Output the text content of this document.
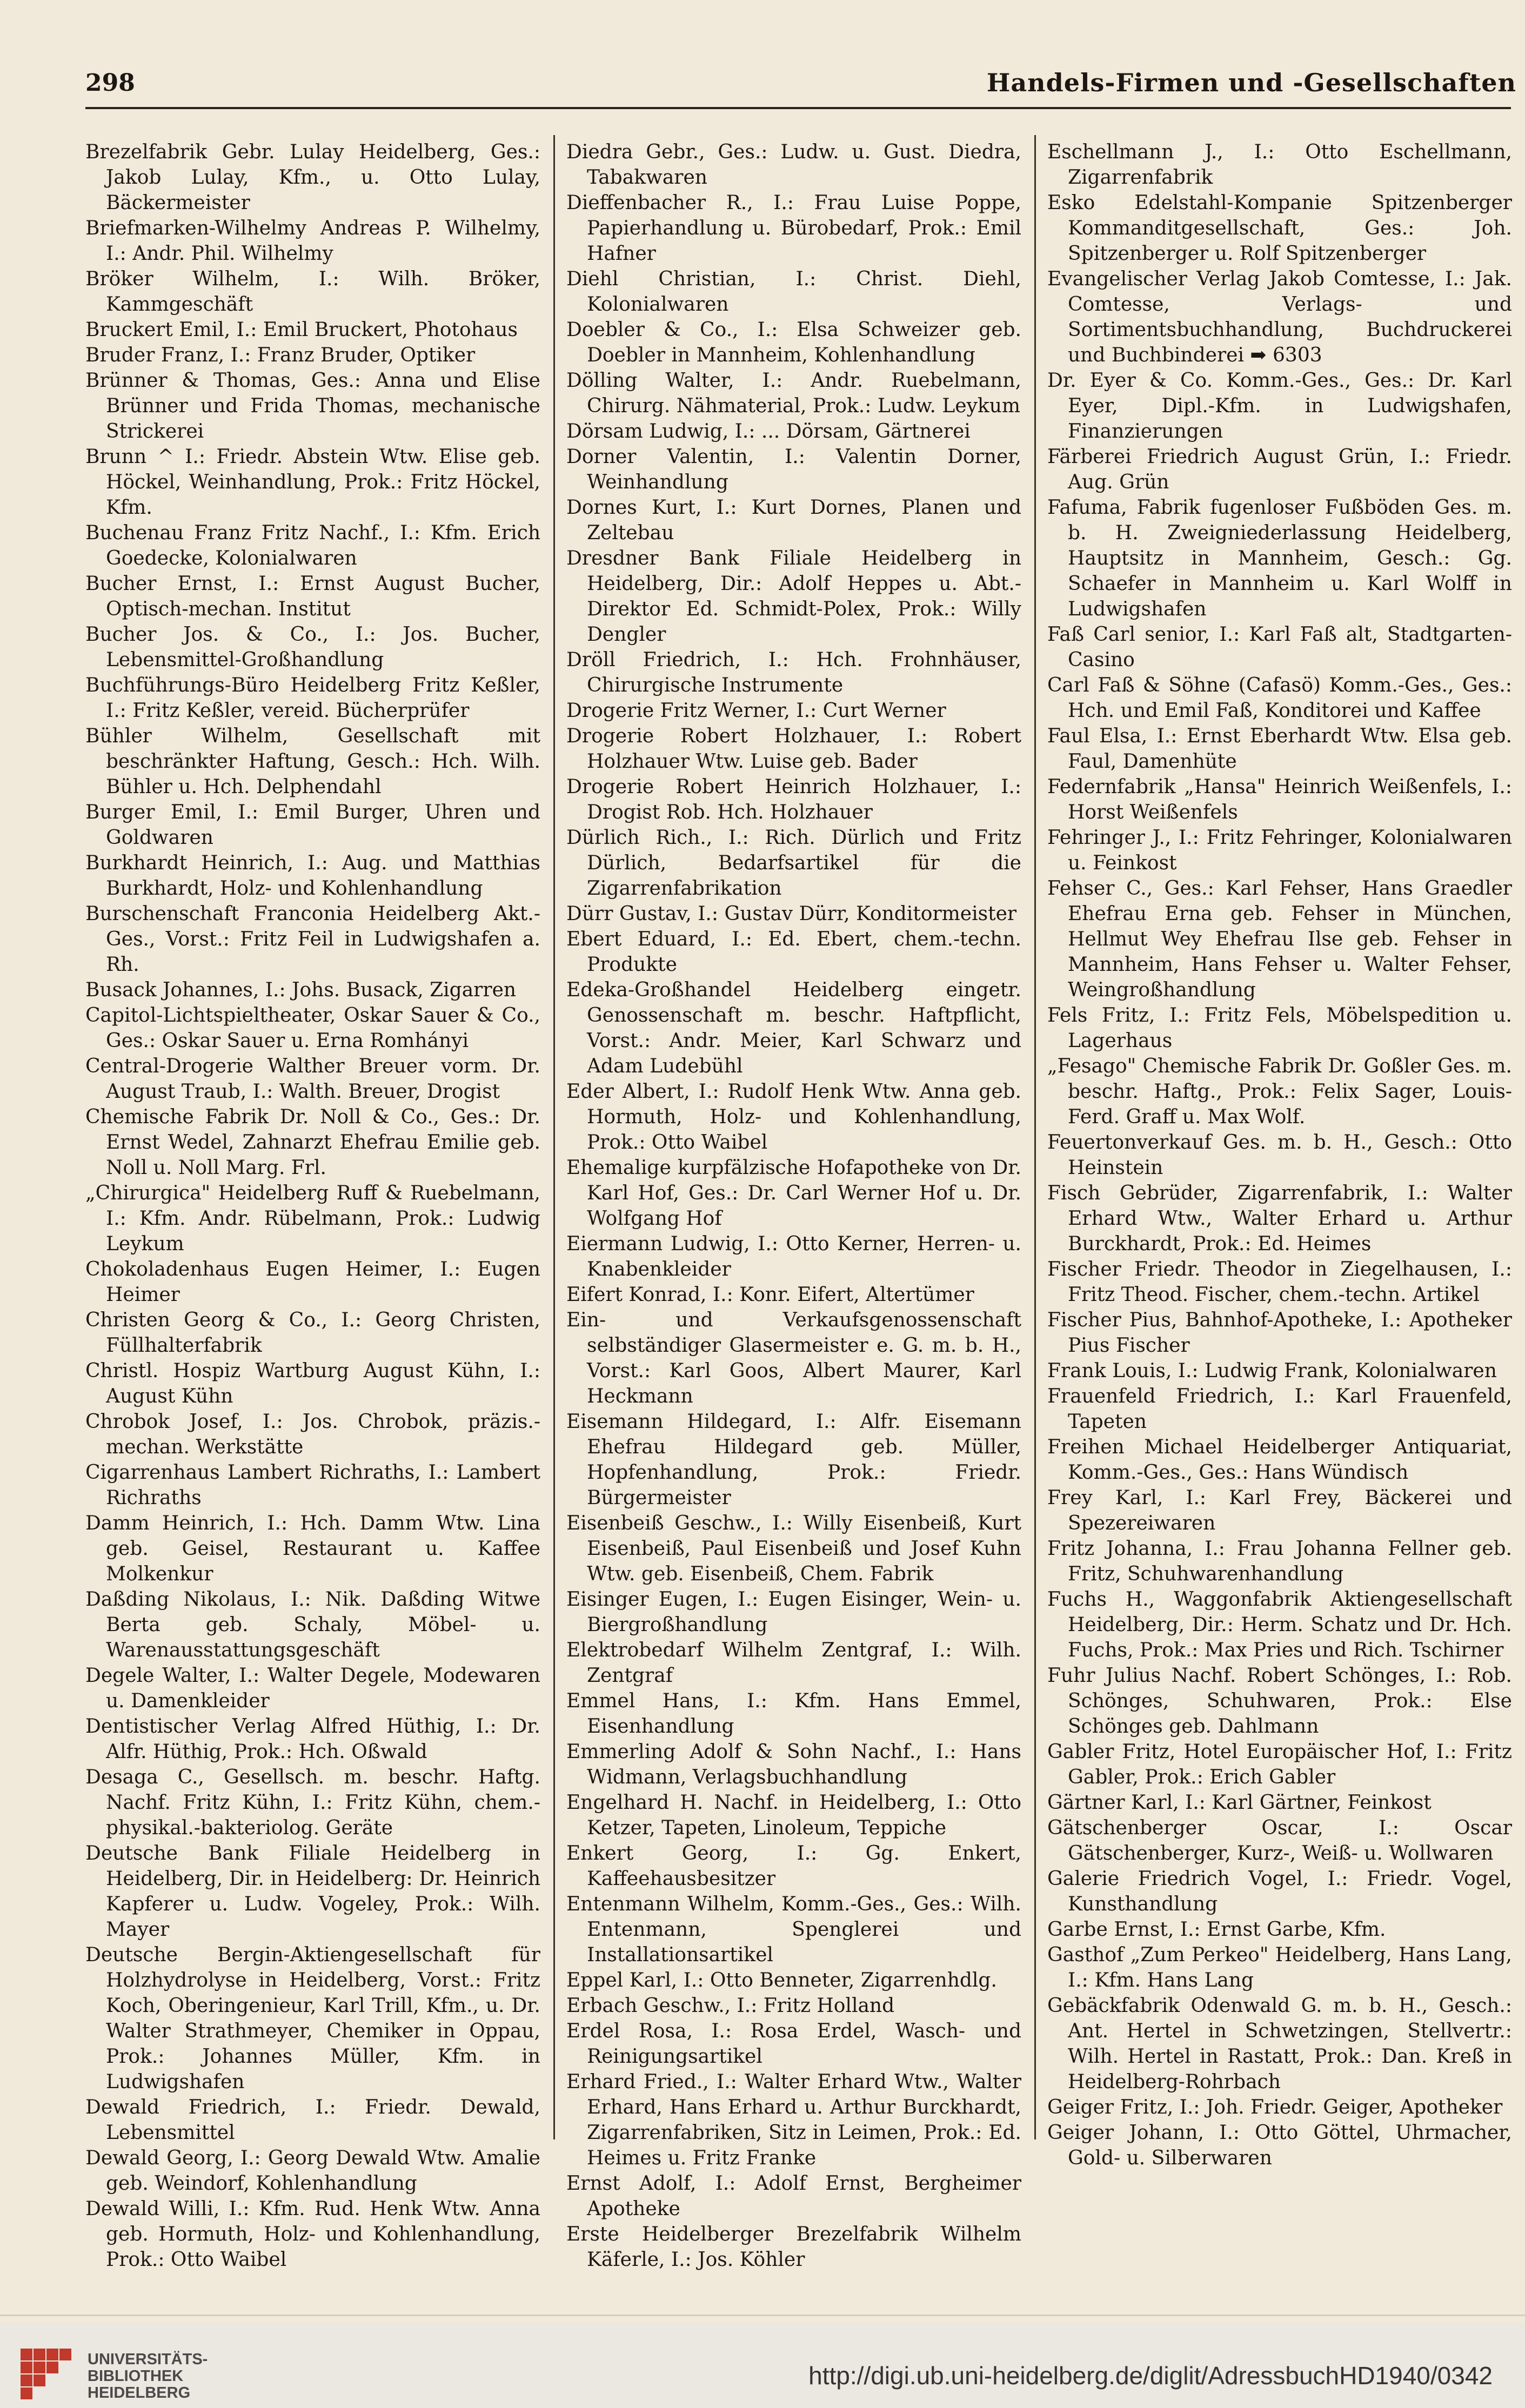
298	Handels-Firmen und -Gesellschaften

Brezelfabrik Gebr. Lulay Heidelberg, Ges.: Jakob Lulay, Kfm., u. Otto Lulay, Bäckermeister

Briefmarken-Wilhelmy Andreas P. Wilhelmy, I.: Andr. Phil. Wilhelmy

Bröker Wilhelm, I.: Wilh. Bröker, Kammgeschäft

Bruckert Emil, I.: Emil Bruckert, Photohaus

Bruder Franz, I.: Franz Bruder, Optiker

Brünner & Thomas, Ges.: Anna und Elise Brünner und Frida Thomas, mechanische Strickerei

Brunn ^ I.: Friedr. Abstein Wtw. Elise geb. Höckel, Weinhandlung, Prok.: Fritz Höckel, Kfm.

Buchenau Franz Fritz Nachf., I.: Kfm. Erich Goedecke, Kolonialwaren

Bucher Ernst, I.: Ernst August Bucher, Optisch-mechan. Institut

Bucher Jos. & Co., I.: Jos. Bucher, Lebensmittel-Großhandlung

Buchführungs-Büro Heidelberg Fritz Keßler, I.: Fritz Keßler, vereid. Bücherprüfer

Bühler Wilhelm, Gesellschaft mit beschränkter Haftung, Gesch.: Hch. Wilh. Bühler u. Hch. Delphendahl

Burger Emil, I.: Emil Burger, Uhren und Goldwaren

Burkhardt Heinrich, I.: Aug. und Matthias Burkhardt, Holz- und Kohlenhandlung

Burschenschaft Franconia Heidelberg Akt.-Ges., Vorst.: Fritz Feil in Ludwigshafen a. Rh.

Busack Johannes, I.: Johs. Busack, Zigarren

Capitol-Lichtspieltheater, Oskar Sauer & Co., Ges.: Oskar Sauer u. Erna Romhányi

Central-Drogerie Walther Breuer vorm. Dr. August Traub, I.: Walth. Breuer, Drogist

Chemische Fabrik Dr. Noll & Co., Ges.: Dr. Ernst Wedel, Zahnarzt Ehefrau Emilie geb. Noll u. Noll Marg. Frl.

„Chirurgica" Heidelberg Ruff & Ruebelmann, I.: Kfm. Andr. Rübelmann, Prok.: Ludwig Leykum

Chokoladenhaus Eugen Heimer, I.: Eugen Heimer

Christen Georg & Co., I.: Georg Christen, Füllhalterfabrik

Christl. Hospiz Wartburg August Kühn, I.: August Kühn

Chrobok Josef, I.: Jos. Chrobok, präzis.-mechan. Werkstätte

Cigarrenhaus Lambert Richraths, I.: Lambert Richraths

Damm Heinrich, I.: Hch. Damm Wtw. Lina geb. Geisel, Restaurant u. Kaffee Molkenkur

Daßding Nikolaus, I.: Nik. Daßding Witwe Berta geb. Schaly, Möbel- u. Warenausstattungsgeschäft

Degele Walter, I.: Walter Degele, Modewaren u. Damenkleider

Dentistischer Verlag Alfred Hüthig, I.: Dr. Alfr. Hüthig, Prok.: Hch. Oßwald

Desaga C., Gesellsch. m. beschr. Haftg. Nachf. Fritz Kühn, I.: Fritz Kühn, chem.-physikal.-bakteriolog. Geräte

Deutsche Bank Filiale Heidelberg in Heidelberg, Dir. in Heidelberg: Dr. Heinrich Kapferer u. Ludw. Vogeley, Prok.: Wilh. Mayer

Deutsche Bergin-Aktiengesellschaft für Holzhydrolyse in Heidelberg, Vorst.: Fritz Koch, Oberingenieur, Karl Trill, Kfm., u. Dr. Walter Strathmeyer, Chemiker in Oppau, Prok.: Johannes Müller, Kfm. in Ludwigshafen

Dewald Friedrich, I.: Friedr. Dewald, Lebensmittel

Dewald Georg, I.: Georg Dewald Wtw. Amalie geb. Weindorf, Kohlenhandlung

Dewald Willi, I.: Kfm. Rud. Henk Wtw. Anna geb. Hormuth, Holz- und Kohlenhandlung, Prok.: Otto Waibel

Diedra Gebr., Ges.: Ludw. u. Gust. Diedra, Tabakwaren

Dieffenbacher R., I.: Frau Luise Poppe, Papierhandlung u. Bürobedarf, Prok.: Emil Hafner

Diehl Christian, I.: Christ. Diehl, Kolonialwaren

Doebler & Co., I.: Elsa Schweizer geb. Doebler in Mannheim, Kohlenhandlung

Dölling Walter, I.: Andr. Ruebelmann, Chirurg. Nähmaterial, Prok.: Ludw. Leykum

Dörsam Ludwig, I.: ... Dörsam, Gärtnerei

Dorner Valentin, I.: Valentin Dorner, Weinhandlung

Dornes Kurt, I.: Kurt Dornes, Planen und Zeltebau

Dresdner Bank Filiale Heidelberg in Heidelberg, Dir.: Adolf Heppes u. Abt.-Direktor Ed. Schmidt-Polex, Prok.: Willy Dengler

Dröll Friedrich, I.: Hch. Frohnhäuser, Chirurgische Instrumente

Drogerie Fritz Werner, I.: Curt Werner

Drogerie Robert Holzhauer, I.: Robert Holzhauer Wtw. Luise geb. Bader

Drogerie Robert Heinrich Holzhauer, I.: Drogist Rob. Hch. Holzhauer

Dürlich Rich., I.: Rich. Dürlich und Fritz Dürlich, Bedarfsartikel für die Zigarrenfabrikation

Dürr Gustav, I.: Gustav Dürr, Konditormeister

Ebert Eduard, I.: Ed. Ebert, chem.-techn. Produkte

Edeka-Großhandel Heidelberg eingetr. Genossenschaft m. beschr. Haftpflicht, Vorst.: Andr. Meier, Karl Schwarz und Adam Ludebühl

Eder Albert, I.: Rudolf Henk Wtw. Anna geb. Hormuth, Holz- und Kohlenhandlung, Prok.: Otto Waibel

Ehemalige kurpfälzische Hofapotheke von Dr. Karl Hof, Ges.: Dr. Carl Werner Hof u. Dr. Wolfgang Hof

Eiermann Ludwig, I.: Otto Kerner, Herren- u. Knabenkleider

Eifert Konrad, I.: Konr. Eifert, Altertümer

Ein- und Verkaufsgenossenschaft selbständiger Glasermeister e. G. m. b. H., Vorst.: Karl Goos, Albert Maurer, Karl Heckmann

Eisemann Hildegard, I.: Alfr. Eisemann Ehefrau Hildegard geb. Müller, Hopfenhandlung, Prok.: Friedr. Bürgermeister

Eisenbeiß Geschw., I.: Willy Eisenbeiß, Kurt Eisenbeiß, Paul Eisenbeiß und Josef Kuhn Wtw. geb. Eisenbeiß, Chem. Fabrik

Eisinger Eugen, I.: Eugen Eisinger, Wein- u. Biergroßhandlung

Elektrobedarf Wilhelm Zentgraf, I.: Wilh. Zentgraf

Emmel Hans, I.: Kfm. Hans Emmel, Eisenhandlung

Emmerling Adolf & Sohn Nachf., I.: Hans Widmann, Verlagsbuchhandlung

Engelhard H. Nachf. in Heidelberg, I.: Otto Ketzer, Tapeten, Linoleum, Teppiche

Enkert Georg, I.: Gg. Enkert, Kaffeehausbesitzer

Entenmann Wilhelm, Komm.-Ges., Ges.: Wilh. Entenmann, Spenglerei und Installationsartikel

Eppel Karl, I.: Otto Benneter, Zigarrenhdlg.

Erbach Geschw., I.: Fritz Holland

Erdel Rosa, I.: Rosa Erdel, Wasch- und Reinigungsartikel

Erhard Fried., I.: Walter Erhard Wtw., Walter Erhard, Hans Erhard u. Arthur Burckhardt, Zigarrenfabriken, Sitz in Leimen, Prok.: Ed. Heimes u. Fritz Franke

Ernst Adolf, I.: Adolf Ernst, Bergheimer Apotheke

Erste Heidelberger Brezelfabrik Wilhelm Käferle, I.: Jos. Köhler

Eschellmann J., I.: Otto Eschellmann, Zigarrenfabrik

Esko Edelstahl-Kompanie Spitzenberger Kommanditgesellschaft, Ges.: Joh. Spitzenberger u. Rolf Spitzenberger

Evangelischer Verlag Jakob Comtesse, I.: Jak. Comtesse, Verlags- und Sortimentsbuchhandlung, Buchdruckerei und Buchbinderei ➡ 6303

Dr. Eyer & Co. Komm.-Ges., Ges.: Dr. Karl Eyer, Dipl.-Kfm. in Ludwigshafen, Finanzierungen

Färberei Friedrich August Grün, I.: Friedr. Aug. Grün

Fafuma, Fabrik fugenloser Fußböden Ges. m. b. H. Zweigniederlassung Heidelberg, Hauptsitz in Mannheim, Gesch.: Gg. Schaefer in Mannheim u. Karl Wolff in Ludwigshafen

Faß Carl senior, I.: Karl Faß alt, Stadtgarten-Casino

Carl Faß & Söhne (Cafasö) Komm.-Ges., Ges.: Hch. und Emil Faß, Konditorei und Kaffee

Faul Elsa, I.: Ernst Eberhardt Wtw. Elsa geb. Faul, Damenhüte

Federnfabrik „Hansa" Heinrich Weißenfels, I.: Horst Weißenfels

Fehringer J., I.: Fritz Fehringer, Kolonialwaren u. Feinkost

Fehser C., Ges.: Karl Fehser, Hans Graedler Ehefrau Erna geb. Fehser in München, Hellmut Wey Ehefrau Ilse geb. Fehser in Mannheim, Hans Fehser u. Walter Fehser, Weingroßhandlung

Fels Fritz, I.: Fritz Fels, Möbelspedition u. Lagerhaus

„Fesago" Chemische Fabrik Dr. Goßler Ges. m. beschr. Haftg., Prok.: Felix Sager, Louis-Ferd. Graff u. Max Wolf.

Feuertonverkauf Ges. m. b. H., Gesch.: Otto Heinstein

Fisch Gebrüder, Zigarrenfabrik, I.: Walter Erhard Wtw., Walter Erhard u. Arthur Burckhardt, Prok.: Ed. Heimes

Fischer Friedr. Theodor in Ziegelhausen, I.: Fritz Theod. Fischer, chem.-techn. Artikel

Fischer Pius, Bahnhof-Apotheke, I.: Apotheker Pius Fischer

Frank Louis, I.: Ludwig Frank, Kolonialwaren

Frauenfeld Friedrich, I.: Karl Frauenfeld, Tapeten

Freihen Michael Heidelberger Antiquariat, Komm.-Ges., Ges.: Hans Wündisch

Frey Karl, I.: Karl Frey, Bäckerei und Spezereiwaren

Fritz Johanna, I.: Frau Johanna Fellner geb. Fritz, Schuhwarenhandlung

Fuchs H., Waggonfabrik Aktiengesellschaft Heidelberg, Dir.: Herm. Schatz und Dr. Hch. Fuchs, Prok.: Max Pries und Rich. Tschirner

Fuhr Julius Nachf. Robert Schönges, I.: Rob. Schönges, Schuhwaren, Prok.: Else Schönges geb. Dahlmann

Gabler Fritz, Hotel Europäischer Hof, I.: Fritz Gabler, Prok.: Erich Gabler

Gärtner Karl, I.: Karl Gärtner, Feinkost

Gätschenberger Oscar, I.: Oscar Gätschenberger, Kurz-, Weiß- u. Wollwaren

Galerie Friedrich Vogel, I.: Friedr. Vogel, Kunsthandlung

Garbe Ernst, I.: Ernst Garbe, Kfm.

Gasthof „Zum Perkeo" Heidelberg, Hans Lang, I.: Kfm. Hans Lang

Gebäckfabrik Odenwald G. m. b. H., Gesch.: Ant. Hertel in Schwetzingen, Stellvertr.: Wilh. Hertel in Rastatt, Prok.: Dan. Kreß in Heidelberg-Rohrbach

Geiger Fritz, I.: Joh. Friedr. Geiger, Apotheker

Geiger Johann, I.: Otto Göttel, Uhrmacher, Gold- u. Silberwaren

UNIVERSITÄTS-
BIBLIOTHEK
HEIDELBERG
http://digi.ub.uni-heidelberg.de/diglit/AdressbuchHD1940/0342
